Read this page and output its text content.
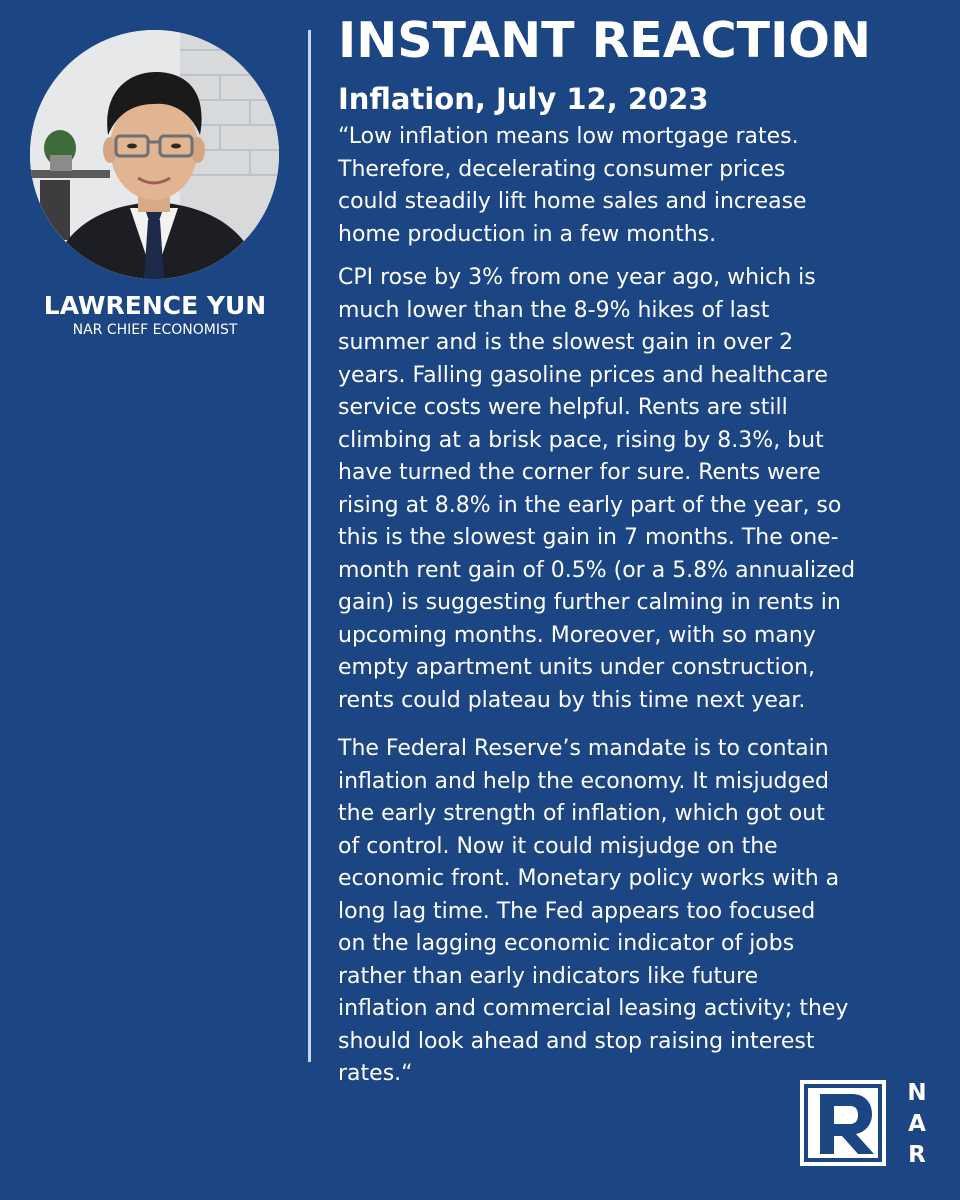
LAWRENCE YUN
NAR CHIEF ECONOMIST
INSTANT REACTION
Inflation, July 12, 2023

“Low inflation means low mortgage rates.
Therefore, decelerating consumer prices
could steadily lift home sales and increase
home production in a few months.

CPI rose by 3% from one year ago, which is
much lower than the 8-9% hikes of last
summer and is the slowest gain in over 2
years. Falling gasoline prices and healthcare
service costs were helpful. Rents are still
climbing at a brisk pace, rising by 8.3%, but
have turned the corner for sure. Rents were
rising at 8.8% in the early part of the year, so
this is the slowest gain in 7 months. The one-
month rent gain of 0.5% (or a 5.8% annualized
gain) is suggesting further calming in rents in
upcoming months. Moreover, with so many
empty apartment units under construction,
rents could plateau by this time next year.

The Federal Reserve’s mandate is to contain
inflation and help the economy. It misjudged
the early strength of inflation, which got out
of control. Now it could misjudge on the
economic front. Monetary policy works with a
long lag time. The Fed appears too focused
on the lagging economic indicator of jobs
rather than early indicators like future
inflation and commercial leasing activity; they
should look ahead and stop raising interest
rates.“

N
A
R
